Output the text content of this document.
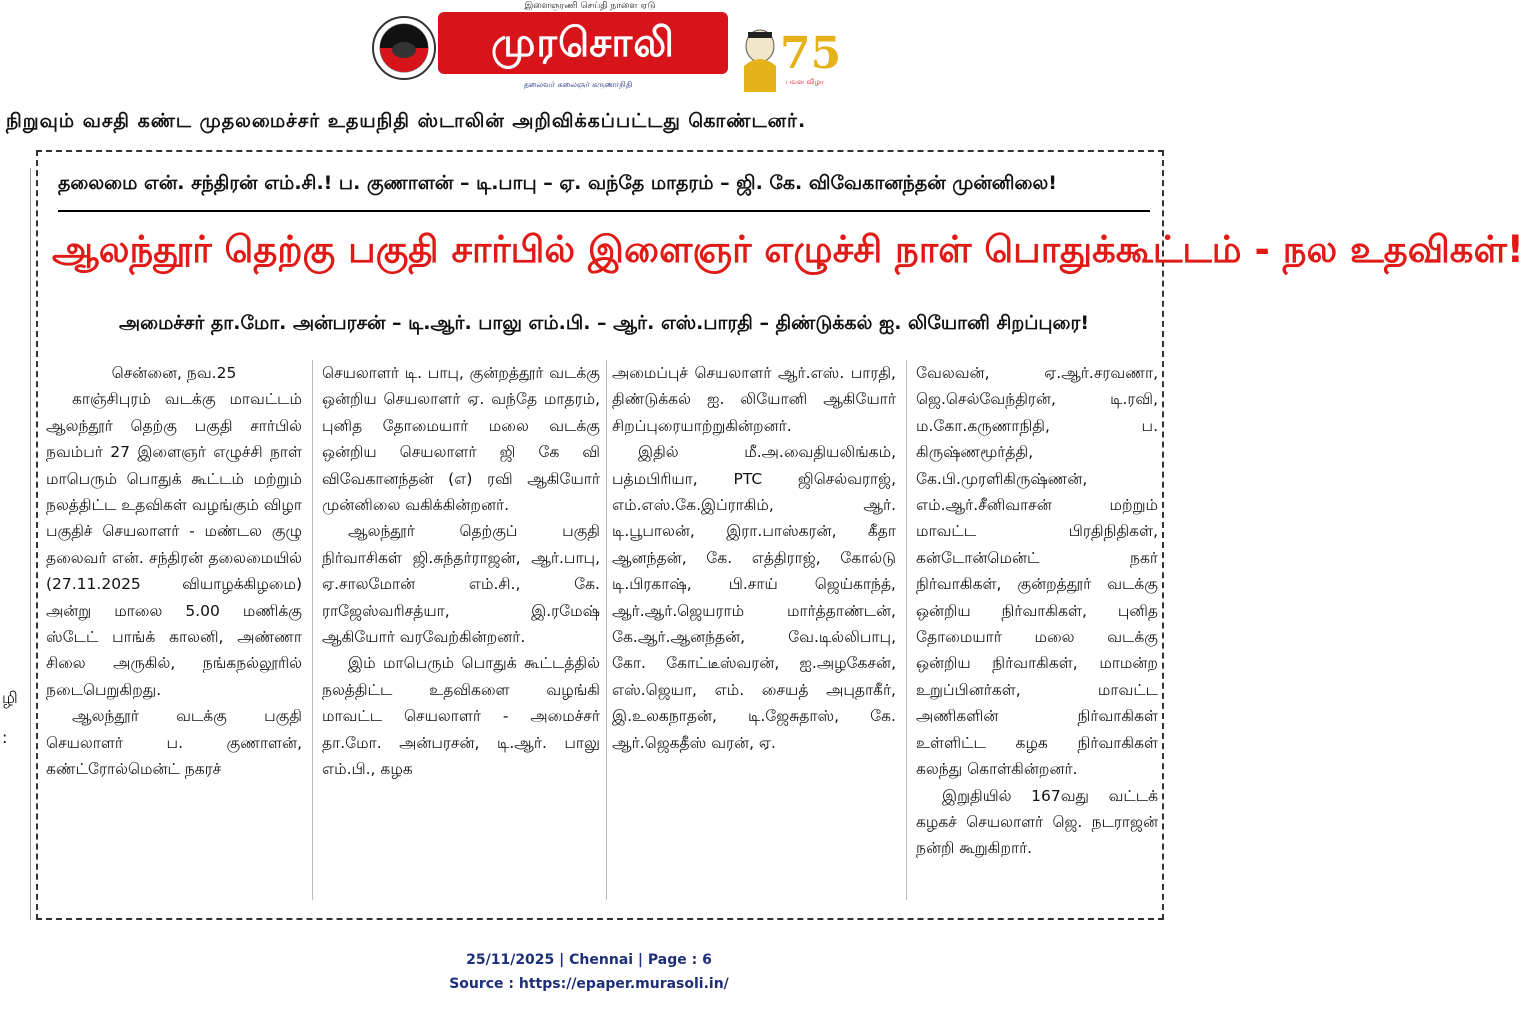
இளைஞரணி செய்தி நாளை ஏடு
முரசொலி
தலைவர் கலைஞர் கருணாநிதி
75
பவள விழா
நிறுவும் வசதி கண்ட முதலமைச்சர் உதயநிதி ஸ்டாலின் அறிவிக்கப்பட்டது கொண்டனர்.
ழி
:
தலைமை என். சந்திரன் எம்.சி.! ப. குணாளன் – டி.பாபு – ஏ. வந்தே மாதரம் – ஜி. கே. விவேகானந்தன் முன்னிலை!
ஆலந்தூர் தெற்கு பகுதி சார்பில் இளைஞர் எழுச்சி நாள் பொதுக்கூட்டம் - நல உதவிகள்!
அமைச்சர் தா.மோ. அன்பரசன் – டி.ஆர். பாலு எம்.பி. – ஆர். எஸ்.பாரதி – திண்டுக்கல் ஐ. லியோனி சிறப்புரை!

சென்னை, நவ.25

காஞ்சிபுரம் வடக்கு மாவட்டம் ஆலந்தூர் தெற்கு பகுதி சார்பில் நவம்பர் 27 இளைஞர் எழுச்சி நாள் மாபெரும் பொதுக் கூட்டம் மற்றும் நலத்திட்ட உதவிகள் வழங்கும் விழா பகுதிச் செயலாளர் - மண்டல குழு தலைவர் என். சந்திரன் தலைமையில் (27.11.2025 வியாழக்கிழமை) அன்று மாலை 5.00 மணிக்கு ஸ்டேட் பாங்க் காலனி, அண்ணா சிலை அருகில், நங்கநல்லூரில் நடைபெறுகிறது.

ஆலந்தூர் வடக்கு பகுதி செயலாளர் ப. குணாளன், கண்ட்ரோல்மென்ட் நகரச்

செயலாளர் டி. பாபு, குன்றத்தூர் வடக்கு ஒன்றிய செயலாளர் ஏ. வந்தே மாதரம், புனித தோமையார் மலை வடக்கு ஒன்றிய செயலாளர் ஜி கே வி விவேகானந்தன் (எ) ரவி ஆகியோர் முன்னிலை வகிக்கின்றனர்.

ஆலந்தூர் தெற்குப் பகுதி நிர்வாசிகள் ஜி.சுந்தர்ராஜன், ஆர்.பாபு, ஏ.சாலமோன் எம்.சி., கே. ராஜேஸ்வரிசத்யா, இ.ரமேஷ் ஆகியோர் வரவேற்கின்றனர்.

இம் மாபெரும் பொதுக் கூட்டத்தில் நலத்திட்ட உதவிகளை வழங்கி மாவட்ட செயலாளர் - அமைச்சர் தா.மோ. அன்பரசன், டி.ஆர். பாலு எம்.பி., கழக

அமைப்புச் செயலாளர் ஆர்.எஸ். பாரதி, திண்டுக்கல் ஐ. லியோனி ஆகியோர் சிறப்புரையாற்றுகின்றனர்.

இதில் மீ.அ.வைதியலிங்கம், பத்மபிரியா, PTC ஜிசெல்வராஜ், எம்.எஸ்.கே.இப்ராகிம், ஆர். டி.பூபாலன், இரா.பாஸ்கரன், கீதா ஆனந்தன், கே. எத்திராஜ், கோல்டு டி.பிரகாஷ், பி.சாய் ஜெய்காந்த், ஆர்.ஆர்.ஜெயராம் மார்த்தாண்டன், கே.ஆர்.ஆனந்தன், வே.டில்லிபாபு, கோ. கோட்டீஸ்வரன், ஐ.அழகேசன், எஸ்.ஜெயா, எம். சையத் அபுதாகீர், இ.உலகநாதன், டி.ஜேசுதாஸ், கே. ஆர்.ஜெகதீஸ் வரன், ஏ.

வேலவன், ஏ.ஆர்.சரவணா, ஜெ.செல்வேந்திரன், டி.ரவி, ம.கோ.கருணாநிதி, ப. கிருஷ்ணமூர்த்தி, கே.பி.முரளிகிருஷ்ணன், எம்.ஆர்.சீனிவாசன் மற்றும் மாவட்ட பிரதிநிதிகள், கன்டோன்மென்ட் நகர் நிர்வாகிகள், குன்றத்தூர் வடக்கு ஒன்றிய நிர்வாகிகள், புனித தோமையார் மலை வடக்கு ஒன்றிய நிர்வாகிகள், மாமன்ற உறுப்பினர்கள், மாவட்ட அணிகளின் நிர்வாகிகள் உள்ளிட்ட கழக நிர்வாகிகள் கலந்து கொள்கின்றனர்.

இறுதியில் 167வது வட்டக் கழகச் செயலாளர் ஜெ. நடராஜன் நன்றி கூறுகிறார்.

25/11/2025 | Chennai | Page : 6
Source : https://epaper.murasoli.in/
